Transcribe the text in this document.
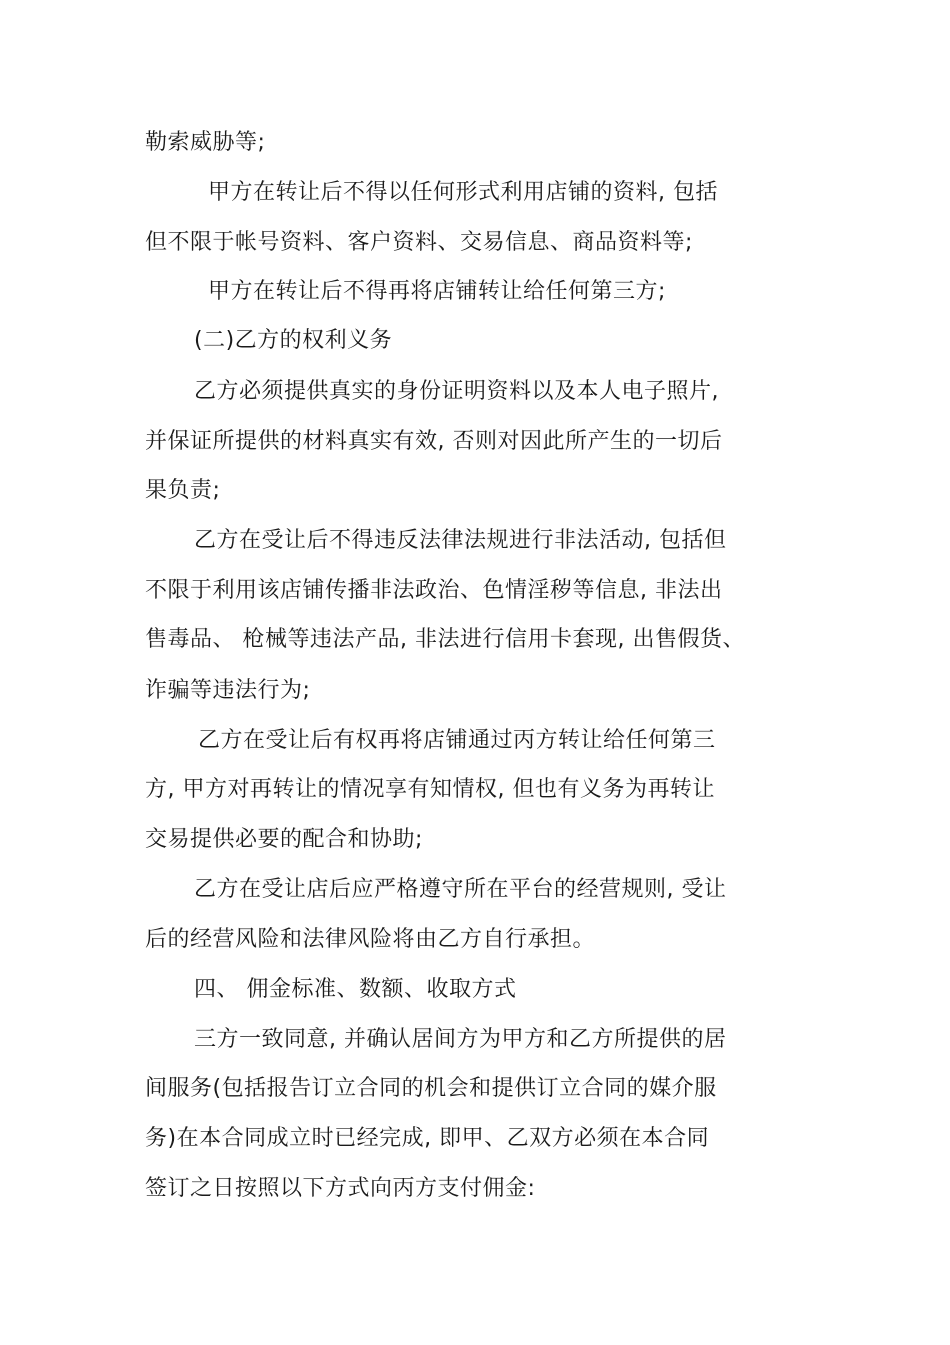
勒索威胁等;

甲方在转让后不得以任何形式利用店铺的资料, 包括

但不限于帐号资料、客户资料、交易信息、商品资料等;

甲方在转让后不得再将店铺转让给任何第三方;

(二)乙方的权利义务

乙方必须提供真实的身份证明资料以及本人电子照片,

并保证所提供的材料真实有效, 否则对因此所产生的一切后

果负责;

乙方在受让后不得违反法律法规进行非法活动, 包括但

不限于利用该店铺传播非法政治、色情淫秽等信息, 非法出

售毒品、 枪械等违法产品, 非法进行信用卡套现, 出售假货、

诈骗等违法行为;

乙方在受让后有权再将店铺通过丙方转让给任何第三

方, 甲方对再转让的情况享有知情权, 但也有义务为再转让

交易提供必要的配合和协助;

乙方在受让店后应严格遵守所在平台的经营规则, 受让

后的经营风险和法律风险将由乙方自行承担。

四、 佣金标准、数额、收取方式

三方一致同意, 并确认居间方为甲方和乙方所提供的居

间服务(包括报告订立合同的机会和提供订立合同的媒介服

务)在本合同成立时已经完成, 即甲、乙双方必须在本合同

签订之日按照以下方式向丙方支付佣金:
